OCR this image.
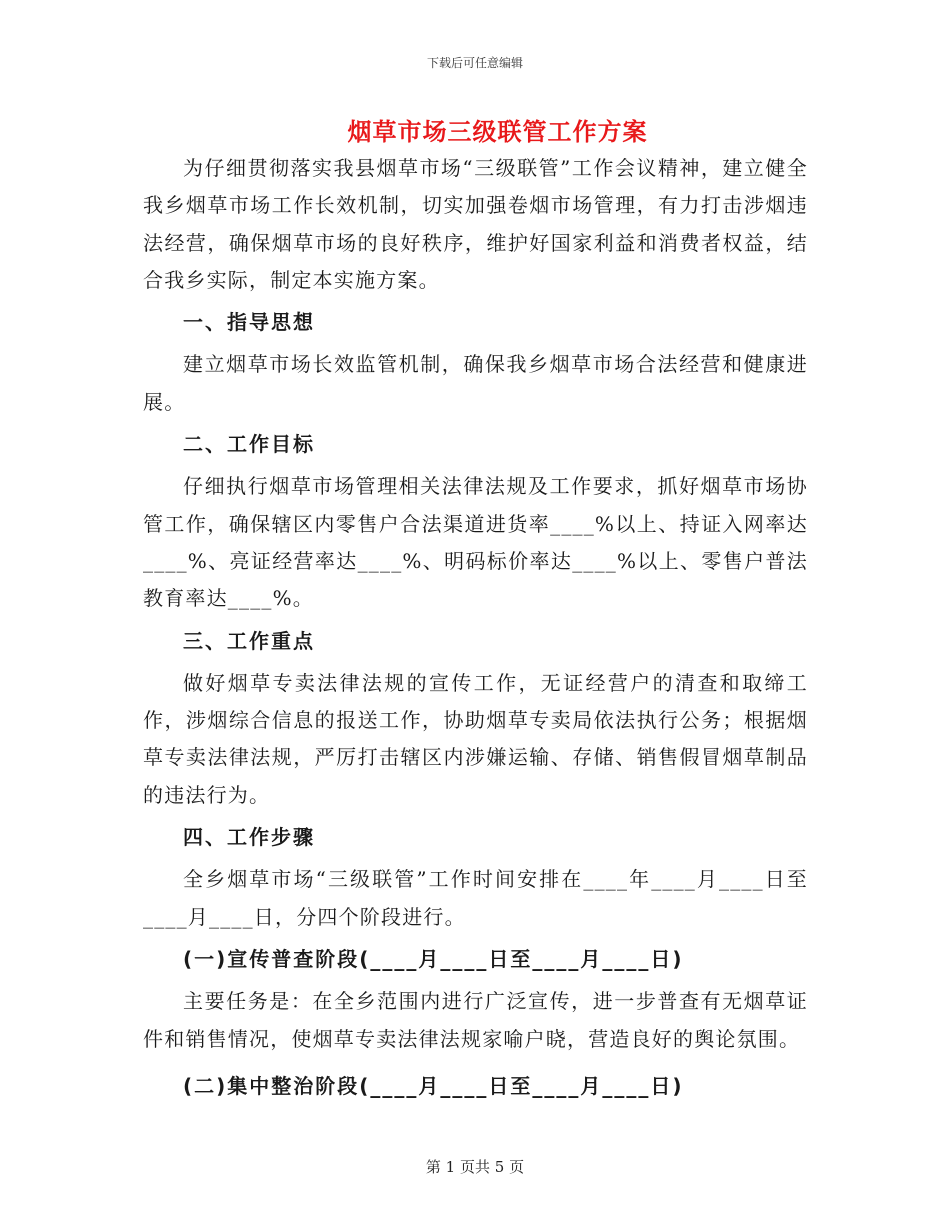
下载后可任意编辑
烟草市场三级联管工作方案

为仔细贯彻落实我县烟草市场“三级联管”工作会议精神，建立健全我乡烟草市场工作长效机制，切实加强卷烟市场管理，有力打击涉烟违法经营，确保烟草市场的良好秩序，维护好国家利益和消费者权益，结合我乡实际，制定本实施方案。

一、指导思想

建立烟草市场长效监管机制，确保我乡烟草市场合法经营和健康进展。

二、工作目标

仔细执行烟草市场管理相关法律法规及工作要求，抓好烟草市场协管工作，确保辖区内零售户合法渠道进货率____%以上、持证入网率达____%、亮证经营率达____%、明码标价率达____%以上、零售户普法教育率达____%。

三、工作重点

做好烟草专卖法律法规的宣传工作，无证经营户的清查和取缔工作，涉烟综合信息的报送工作，协助烟草专卖局依法执行公务；根据烟草专卖法律法规，严厉打击辖区内涉嫌运输、存储、销售假冒烟草制品的违法行为。

四、工作步骤

全乡烟草市场“三级联管”工作时间安排在____年____月____日至____月____日，分四个阶段进行。

(一)宣传普查阶段(____月____日至____月____日)

主要任务是：在全乡范围内进行广泛宣传，进一步普查有无烟草证件和销售情况，使烟草专卖法律法规家喻户晓，营造良好的舆论氛围。

(二)集中整治阶段(____月____日至____月____日)

第 1 页共 5 页
